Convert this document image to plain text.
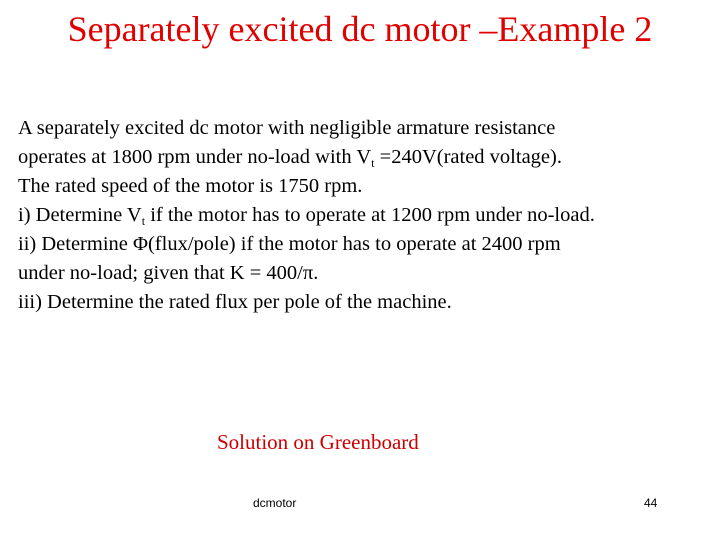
Separately excited dc motor –Example 2
A separately excited dc motor with negligible armature resistance
operates at 1800 rpm under no-load with $V_t$ =240V(rated voltage).
The rated speed of the motor is 1750 rpm.
i) Determine $V_t$ if the motor has to operate at 1200 rpm under no-load.
ii) Determine Φ(flux/pole) if the motor has to operate at 2400 rpm
under no-load; given that K = 400/π.
iii) Determine the rated flux per pole of the machine.
Solution on Greenboard
dcmotor	44
